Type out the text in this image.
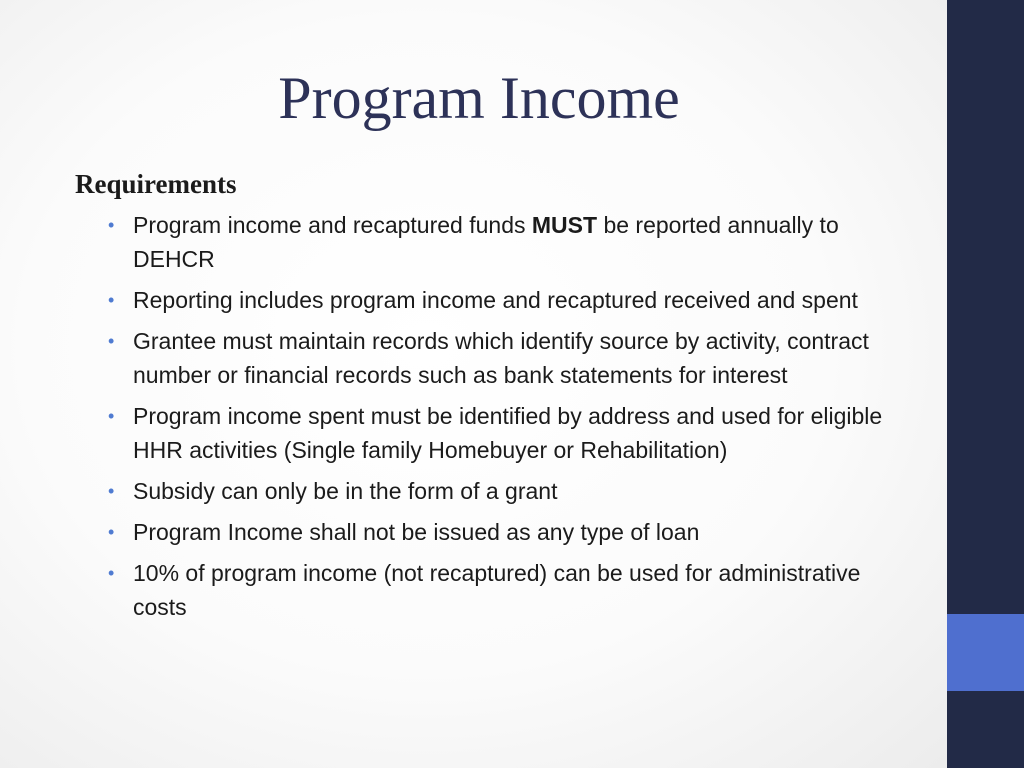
Program Income
Requirements
• Program income and recaptured funds MUST be reported annually to DEHCR
• Reporting includes program income and recaptured received and spent
• Grantee must maintain records which identify source by activity, contract number or financial records such as bank statements for interest
• Program income spent must be identified by address and used for eligible HHR activities (Single family Homebuyer or Rehabilitation)
• Subsidy can only be in the form of a grant
• Program Income shall not be issued as any type of loan
• 10% of program income (not recaptured) can be used for administrative costs
